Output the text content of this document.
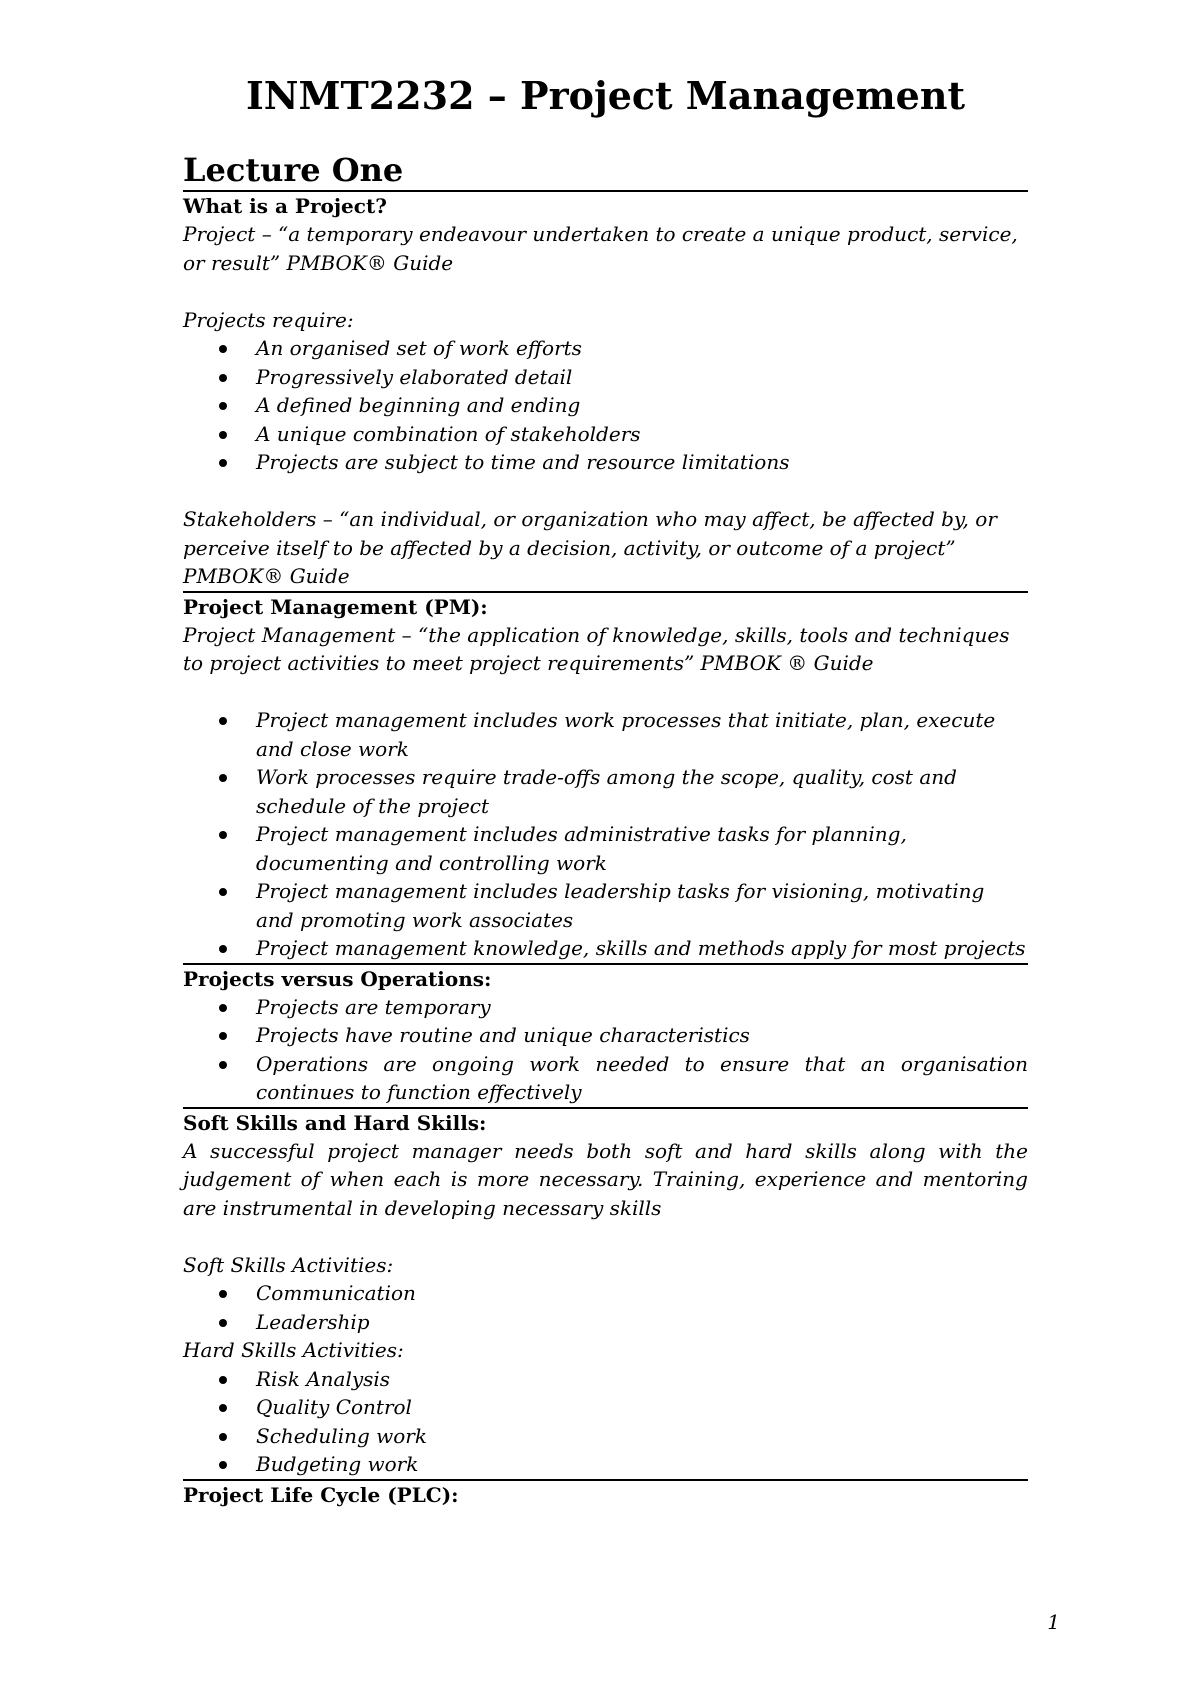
INMT2232 – Project Management
Lecture One

What is a Project?

Project – “a temporary endeavour undertaken to create a unique product, service, or result” PMBOK® Guide

Projects require:

An organised set of work efforts
Progressively elaborated detail
A defined beginning and ending
A unique combination of stakeholders
Projects are subject to time and resource limitations

Stakeholders – “an individual, or organization who may affect, be affected by, or perceive itself to be affected by a decision, activity, or outcome of a project” PMBOK® Guide

Project Management (PM):

Project Management – “the application of knowledge, skills, tools and techniques to project activities to meet project requirements” PMBOK ® Guide

Project management includes work processes that initiate, plan, execute and close work
Work processes require trade-offs among the scope, quality, cost and schedule of the project
Project management includes administrative tasks for planning, documenting and controlling work
Project management includes leadership tasks for visioning, motivating and promoting work associates
Project management knowledge, skills and methods apply for most projects

Projects versus Operations:

Projects are temporary
Projects have routine and unique characteristics
Operations are ongoing work needed to ensure that an organisation continues to function effectively

Soft Skills and Hard Skills:

A successful project manager needs both soft and hard skills along with the judgement of when each is more necessary. Training, experience and mentoring are instrumental in developing necessary skills

Soft Skills Activities:

Communication
Leadership

Hard Skills Activities:

Risk Analysis
Quality Control
Scheduling work
Budgeting work

Project Life Cycle (PLC):

1
